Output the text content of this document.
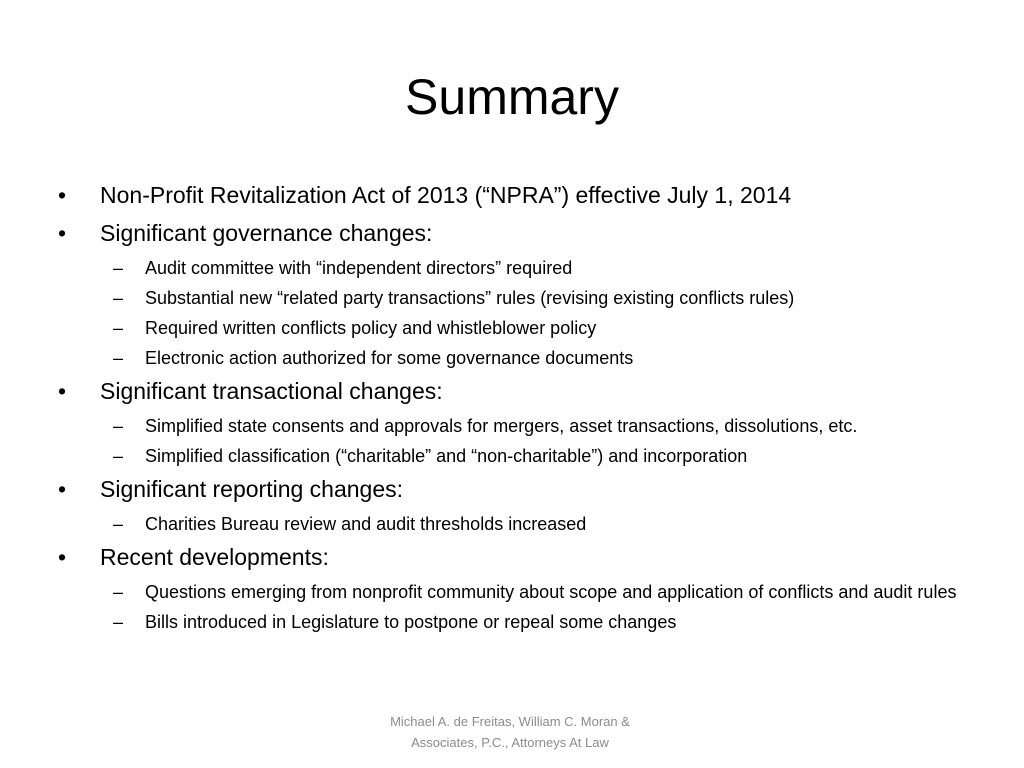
Summary
•	Non-Profit Revitalization Act of 2013 (“NPRA”) effective July 1, 2014
•	Significant governance changes:
– Audit committee with “independent directors” required
– Substantial new “related party transactions” rules (revising existing conflicts rules)
– Required written conflicts policy and whistleblower policy
– Electronic action authorized for some governance documents
•	Significant transactional changes:
– Simplified state consents and approvals for mergers, asset transactions, dissolutions, etc.
– Simplified classification (“charitable” and “non-charitable”) and incorporation
•	Significant reporting changes:
– Charities Bureau review and audit thresholds increased
•	Recent developments:
– Questions emerging from nonprofit community about scope and application of conflicts and audit rules
– Bills introduced in Legislature to postpone or repeal some changes
Michael A. de Freitas, William C. Moran &
Associates, P.C., Attorneys At Law
